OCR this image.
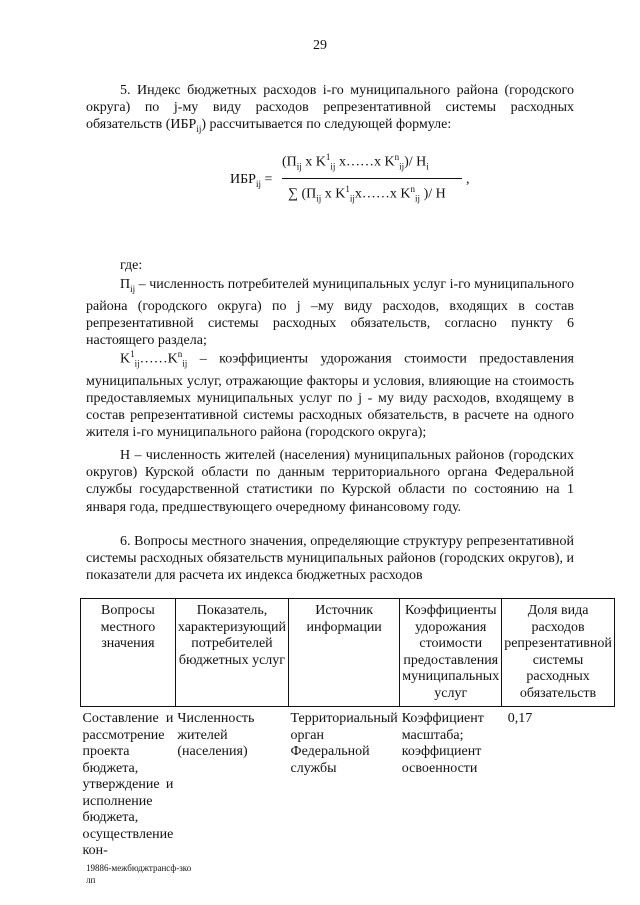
29
5. Индекс бюджетных расходов i-го муниципального района (городского округа) по j-му виду расходов репрезентативной системы расходных обязательств $(ИБР_{ij})$ рассчитывается по следующей формуле:
$ИБР_{ij}$ =
($П_{ij}$ x $K^1_{ij}$ x……x $K^n_{ij})/$ $H_i$
,
∑ ($П_{ij}$ x $K^1_{ij}x\dots\dots x$ $K^n_{ij}$ )/ H
где:
$П_{ij}$ – численность потребителей муниципальных услуг i-го муниципального района (городского округа) по j –му виду расходов, входящих в состав репрезентативной системы расходных обязательств, согласно пункту 6 настоящего раздела;
$K^1_{ij}\dots\dots K^n_{ij}$ – коэффициенты удорожания стоимости предоставления муниципальных услуг, отражающие факторы и условия, влияющие на стоимость предоставляемых муниципальных услуг по j - му виду расходов, входящему в состав репрезентативной системы расходных обязательств, в расчете на одного жителя i-го муниципального района (городского округа);
Н – численность жителей (населения) муниципальных районов (городских округов) Курской области по данным территориального органа Федеральной службы государственной статистики по Курской области по состоянию на 1 января года, предшествующего очередному финансовому году.
6. Вопросы местного значения, определяющие структуру репрезентативной системы расходных обязательств муниципальных районов (городских округов), и показатели для расчета их индекса бюджетных расходов
Вопросы местного значения	Показатель, характеризующий потребителей бюджетных услуг	Источник информации	Коэффициенты удорожания стоимости предоставления муниципальных услуг	Доля вида расходов репрезентативной системы расходных обязательств
Составление и рассмотрение проекта бюджета, утверждение и исполнение бюджета, осуществление кон-	Численность жителей (населения)	Территориальный орган Федеральной службы	Коэффициент масштаба; коэффициент освоенности	0,17
19886-межбюджтрансф-зко
лп
